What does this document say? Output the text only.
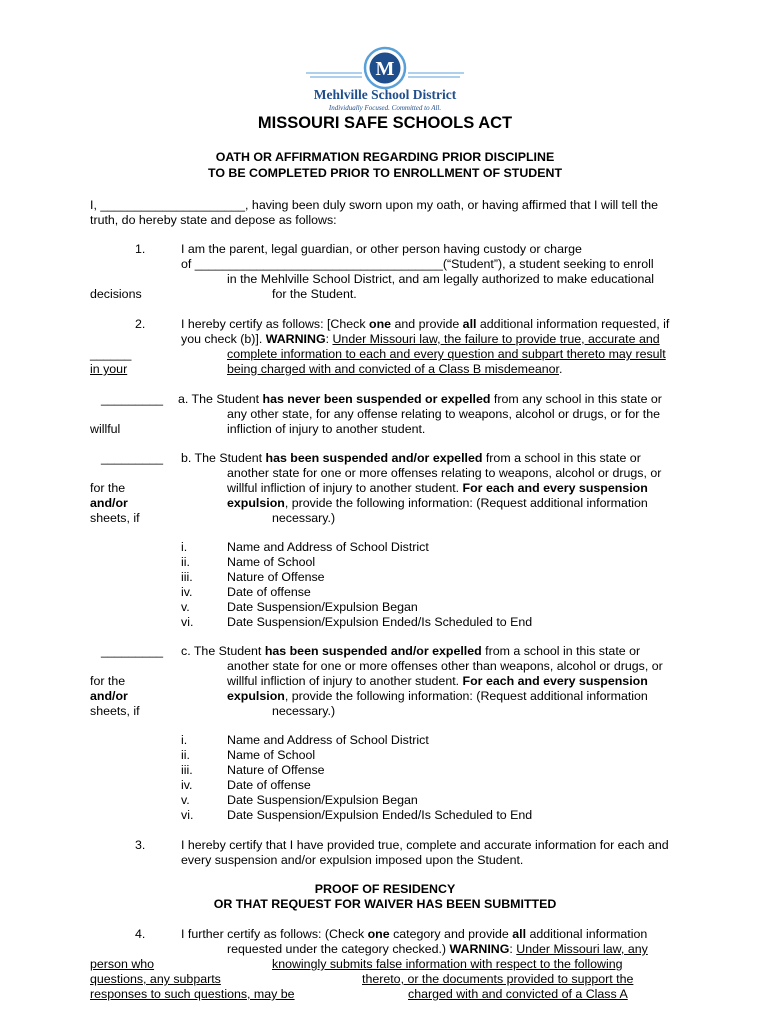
M
Mehlville School District
Individually Focused. Committed to All.
MISSOURI SAFE SCHOOLS ACT
OATH OR AFFIRMATION REGARDING PRIOR DISCIPLINE
TO BE COMPLETED PRIOR TO ENROLLMENT OF STUDENT
I, _____________________, having been duly sworn upon my oath, or having affirmed that I will tell the
truth, do hereby state and depose as follows:
1.	I am the parent, legal guardian, or other person having custody or charge
of ____________________________________(“Student”), a student seeking to enroll
in the Mehlville School District, and am legally authorized to make educational
decisions	for the Student.
2.	I hereby certify as follows: [Check one and provide all additional information requested, if
you check (b)]. WARNING: Under Missouri law, the failure to provide true, accurate and
______	complete information to each and every question and subpart thereto may result
in your	being charged with and convicted of a Class B misdemeanor.
_________ a. The Student has never been suspended or expelled from any school in this state or
any other state, for any offense relating to weapons, alcohol or drugs, or for the
willful	infliction of injury to another student.
_________ b. The Student has been suspended and/or expelled from a school in this state or
another state for one or more offenses relating to weapons, alcohol or drugs, or
for the	willful infliction of injury to another student. For each and every suspension
and/or	expulsion, provide the following information: (Request additional information
sheets, if	necessary.)
i.	Name and Address of School District
ii.	Name of School
iii.	Nature of Offense
iv.	Date of offense
v.	Date Suspension/Expulsion Began
vi.	Date Suspension/Expulsion Ended/Is Scheduled to End
_________ c. The Student has been suspended and/or expelled from a school in this state or
another state for one or more offenses other than weapons, alcohol or drugs, or
for the	willful infliction of injury to another student. For each and every suspension
and/or	expulsion, provide the following information: (Request additional information
sheets, if	necessary.)
i.	Name and Address of School District
ii.	Name of School
iii.	Nature of Offense
iv.	Date of offense
v.	Date Suspension/Expulsion Began
vi.	Date Suspension/Expulsion Ended/Is Scheduled to End
3.	I hereby certify that I have provided true, complete and accurate information for each and
every suspension and/or expulsion imposed upon the Student.
PROOF OF RESIDENCY
OR THAT REQUEST FOR WAIVER HAS BEEN SUBMITTED
4.	I further certify as follows: (Check one category and provide all additional information
requested under the category checked.) WARNING: Under Missouri law, any
person who	knowingly submits false information with respect to the following
questions, any subparts	thereto, or the documents provided to support the
responses to such questions, may be	charged with and convicted of a Class A
